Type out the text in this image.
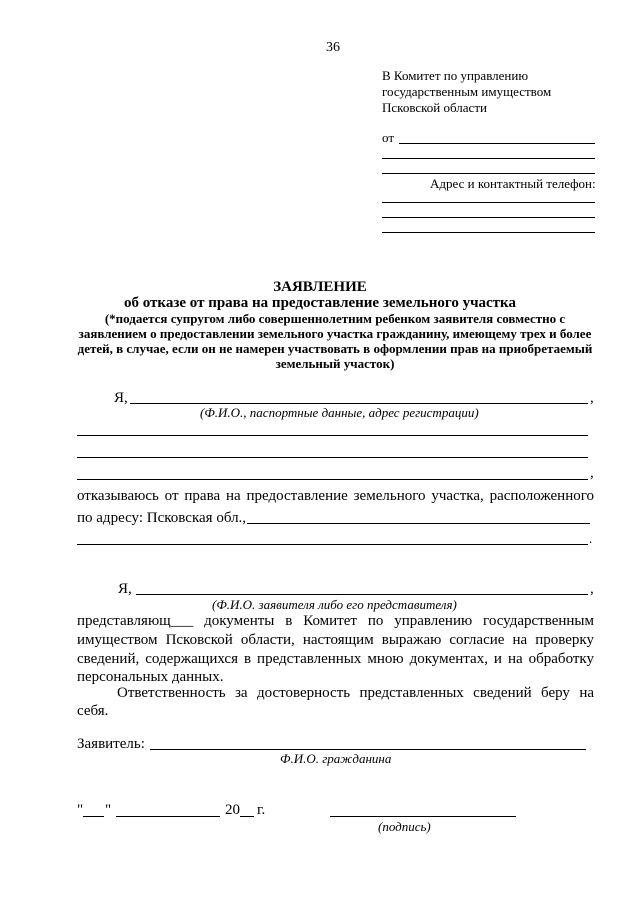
36
В Комитет по управлению
государственным имуществом
Псковской области
от
Адрес и контактный телефон:
ЗАЯВЛЕНИЕ
об отказе от права на предоставление земельного участка
(*подается супругом либо совершеннолетним ребенком заявителя совместно с
заявлением о предоставлении земельного участка гражданину, имеющему трех и более
детей, в случае, если он не намерен участвовать в оформлении прав на приобретаемый
земельный участок)
Я,	,
(Ф.И.О., паспортные данные, адрес регистрации)
,
отказываюсь от права на предоставление земельного участка, расположенного
по адресу: Псковская обл.,
.
Я,	,
(Ф.И.О. заявителя либо его представителя)
представляющ___ документы в Комитет по управлению государственным
имуществом Псковской области, настоящим выражаю согласие на проверку
сведений, содержащихся в представленных мною документах, и на обработку
персональных данных.
Ответственность за достоверность представленных сведений беру на
себя.
Заявитель:
Ф.И.О. гражданина
" "	20 г.
(подпись)
